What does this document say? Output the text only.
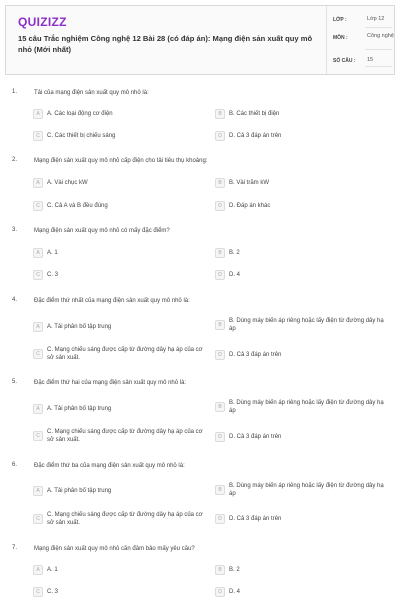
QUIZIZZ
15 câu Trắc nghiệm Công nghệ 12 Bài 28 (có đáp án): Mạng điện sản xuất quy mô nhỏ (Mới nhất)
LỚP :	Lớp 12
MÔN :	Công nghệ
SỐ CÂU : 15
1.	Tải của mạng điện sản xuất quy mô nhỏ là:
A	A. Các loại động cơ điện	B	B. Các thiết bị điện
C	C. Các thiết bị chiếu sáng	D	D. Cả 3 đáp án trên
2.	Mạng điện sản xuất quy mô nhỏ cấp điện cho tải tiêu thụ khoảng:
A	A. Vài chục kW	B	B. Vài trăm kW
C	C. Cả A và B đều đúng	D	D. Đáp án khác
3.	Mạng điện sản xuất quy mô nhỏ có mấy đặc điểm?
A	A. 1	B	B. 2
C	C. 3	D	D. 4
4.	Đặc điểm thứ nhất của mạng điện sản xuất quy mô nhỏ là:
A	A. Tải phân bố tập trung	B
B. Dùng máy biến áp riêng hoặc lấy điện từ đường dây hạ áp
C
C. Mạng chiếu sáng được cấp từ đường dây hạ áp của cơ sở sản xuất.	D	D. Cả 3 đáp án trên
5.	Đặc điểm thứ hai của mạng điện sản xuất quy mô nhỏ là:
A	A. Tải phân bố tập trung	B
B. Dùng máy biến áp riêng hoặc lấy điện từ đường dây hạ áp
C
C. Mạng chiếu sáng được cấp từ đường dây hạ áp của cơ sở sản xuất.	D	D. Cả 3 đáp án trên
6.	Đặc điểm thứ ba của mạng điện sản xuất quy mô nhỏ là:
A	A. Tải phân bố tập trung	B
B. Dùng máy biến áp riêng hoặc lấy điện từ đường dây hạ áp
C
C. Mạng chiếu sáng được cấp từ đường dây hạ áp của cơ sở sản xuất.
D	D. Cả 3 đáp án trên
7.	Mạng điện sản xuất quy mô nhỏ cần đảm bảo mấy yêu cầu?
A	A. 1	B	B. 2
C	C. 3	D	D. 4
